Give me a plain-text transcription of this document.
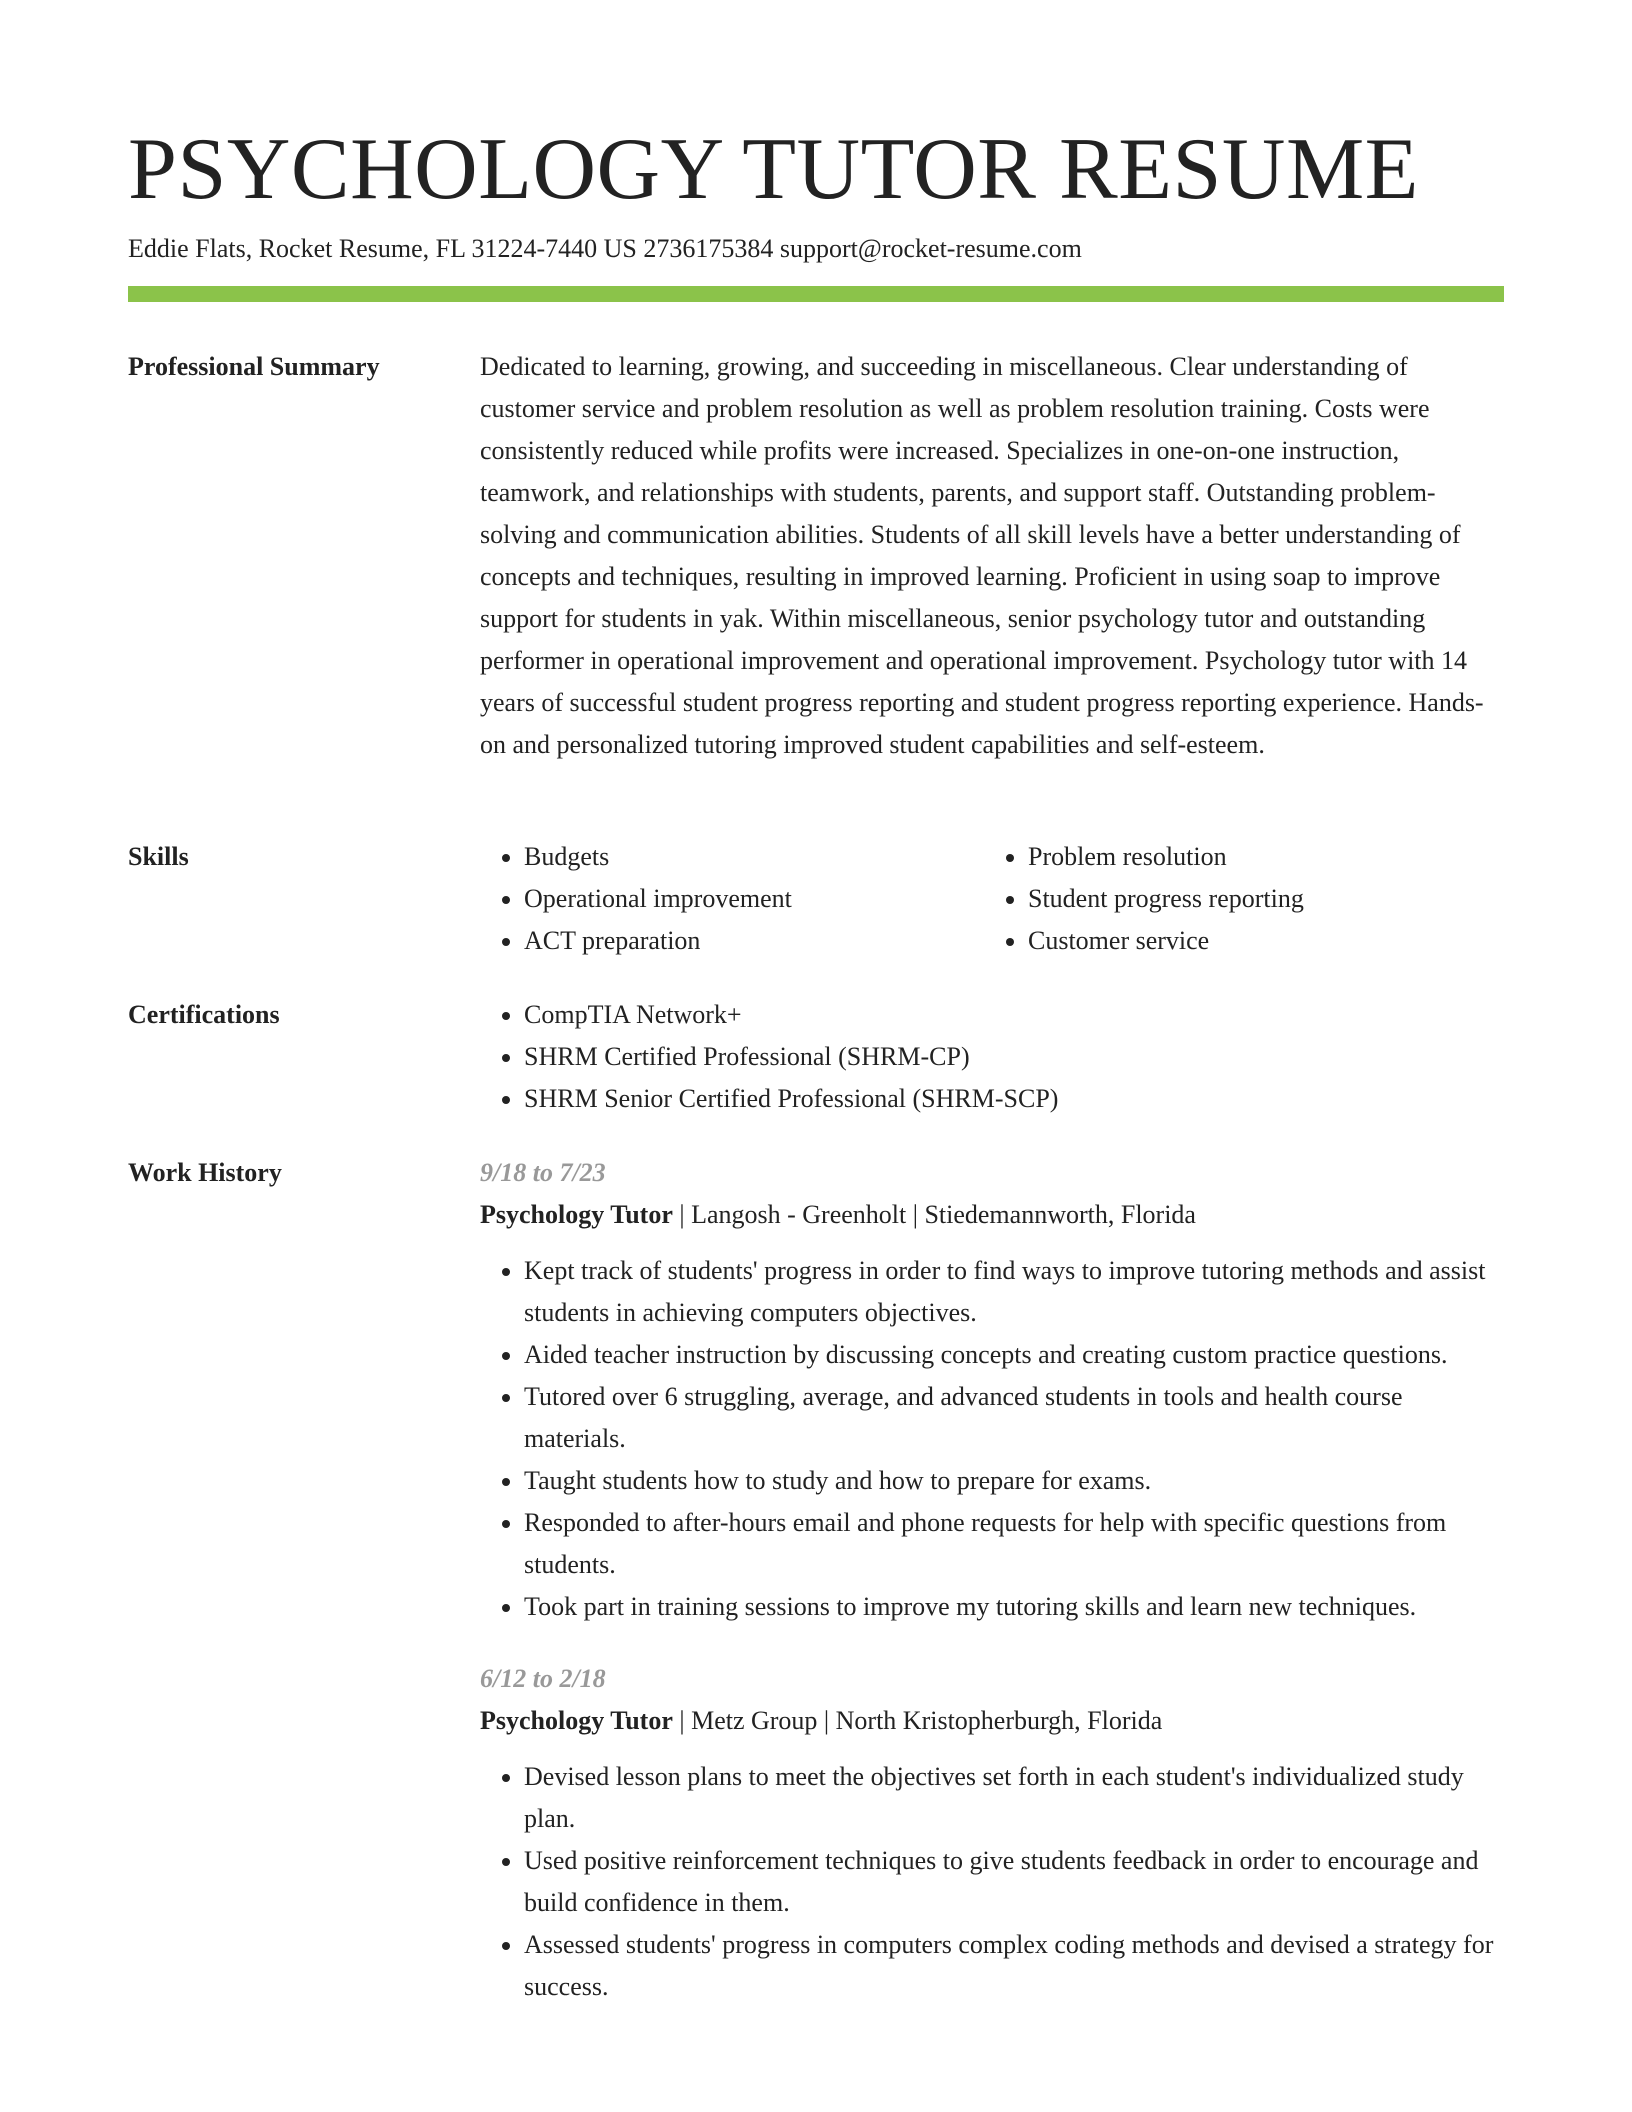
PSYCHOLOGY TUTOR RESUME
Eddie Flats, Rocket Resume, FL 31224-7440 US 2736175384 support@rocket-resume.com
Professional Summary	Dedicated to learning, growing, and succeeding in miscellaneous. Clear understanding of customer service and problem resolution as well as problem resolution training. Costs were consistently reduced while profits were increased. Specializes in one-on-one instruction, teamwork, and relationships with students, parents, and support staff. Outstanding problem-solving and communication abilities. Students of all skill levels have a better understanding of concepts and techniques, resulting in improved learning. Proficient in using soap to improve support for students in yak. Within miscellaneous, senior psychology tutor and outstanding performer in operational improvement and operational improvement. Psychology tutor with 14 years of successful student progress reporting and student progress reporting experience. Hands-on and personalized tutoring improved student capabilities and self-esteem.

Skills	• Budgets
• Operational improvement
• ACT preparation
• Problem resolution
• Student progress reporting
• Customer service
Certifications	• CompTIA Network+
• SHRM Certified Professional (SHRM-CP)
• SHRM Senior Certified Professional (SHRM-SCP)
Work History	9/18 to 7/23
Psychology Tutor | Langosh - Greenholt | Stiedemannworth, Florida
• Kept track of students' progress in order to find ways to improve tutoring methods and assist students in achieving computers objectives.
• Aided teacher instruction by discussing concepts and creating custom practice questions.
• Tutored over 6 struggling, average, and advanced students in tools and health course materials.
• Taught students how to study and how to prepare for exams.
• Responded to after-hours email and phone requests for help with specific questions from students.
• Took part in training sessions to improve my tutoring skills and learn new techniques.
6/12 to 2/18
Psychology Tutor | Metz Group | North Kristopherburgh, Florida
• Devised lesson plans to meet the objectives set forth in each student's individualized study plan.
• Used positive reinforcement techniques to give students feedback in order to encourage and build confidence in them.
• Assessed students' progress in computers complex coding methods and devised a strategy for success.
